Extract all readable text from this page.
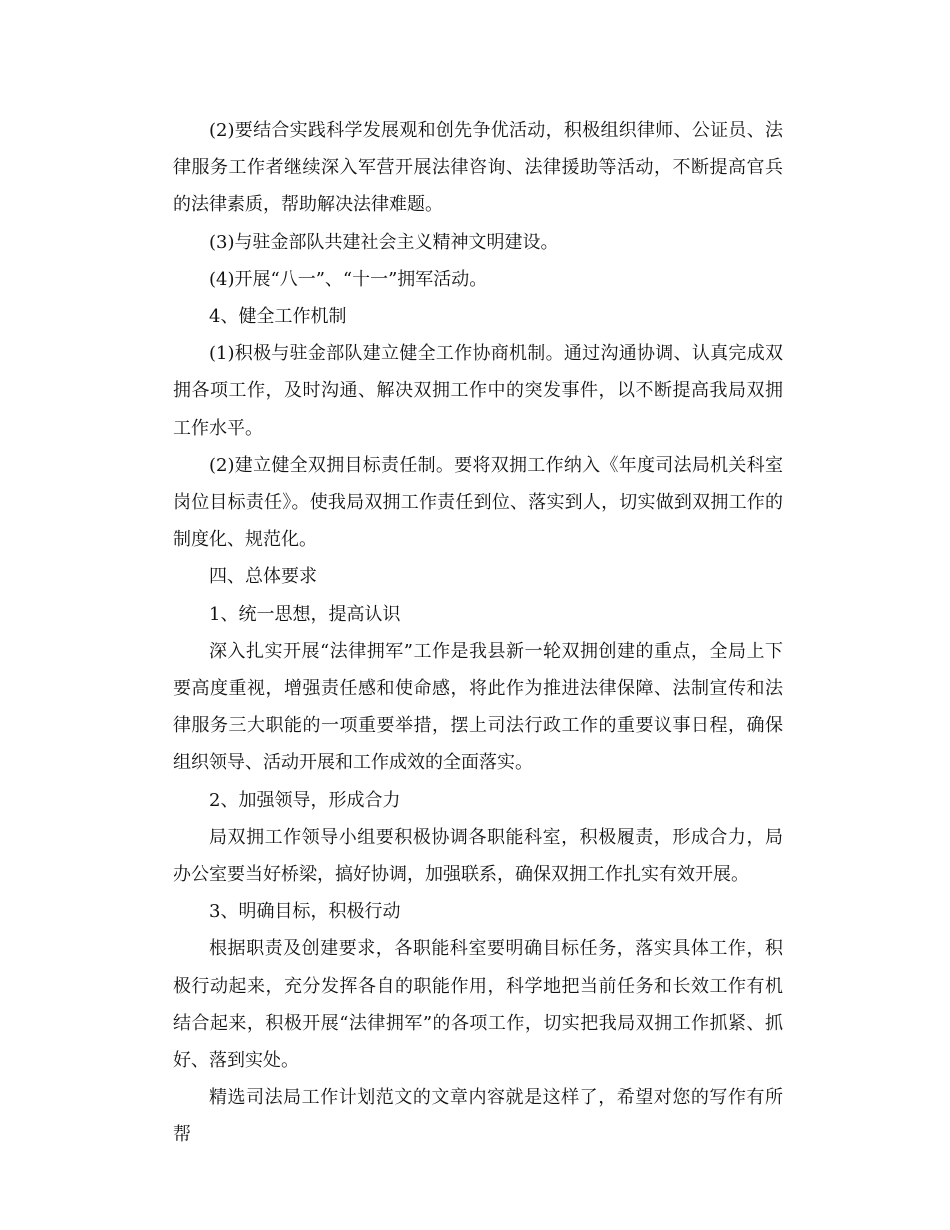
(2)要结合实践科学发展观和创先争优活动，积极组织律师、公证员、法律服务工作者继续深入军营开展法律咨询、法律援助等活动，不断提高官兵的法律素质，帮助解决法律难题。

(3)与驻金部队共建社会主义精神文明建设。

(4)开展“八一”、“十一”拥军活动。

4、健全工作机制

(1)积极与驻金部队建立健全工作协商机制。通过沟通协调、认真完成双拥各项工作，及时沟通、解决双拥工作中的突发事件，以不断提高我局双拥工作水平。

(2)建立健全双拥目标责任制。要将双拥工作纳入《年度司法局机关科室岗位目标责任》。使我局双拥工作责任到位、落实到人，切实做到双拥工作的制度化、规范化。

四、总体要求

1、统一思想，提高认识

深入扎实开展“法律拥军”工作是我县新一轮双拥创建的重点，全局上下要高度重视，增强责任感和使命感，将此作为推进法律保障、法制宣传和法律服务三大职能的一项重要举措，摆上司法行政工作的重要议事日程，确保组织领导、活动开展和工作成效的全面落实。

2、加强领导，形成合力

局双拥工作领导小组要积极协调各职能科室，积极履责，形成合力，局办公室要当好桥梁，搞好协调，加强联系，确保双拥工作扎实有效开展。

3、明确目标，积极行动

根据职责及创建要求，各职能科室要明确目标任务，落实具体工作，积极行动起来，充分发挥各自的职能作用，科学地把当前任务和长效工作有机结合起来，积极开展“法律拥军”的各项工作，切实把我局双拥工作抓紧、抓好、落到实处。

精选司法局工作计划范文的文章内容就是这样了，希望对您的写作有所帮
